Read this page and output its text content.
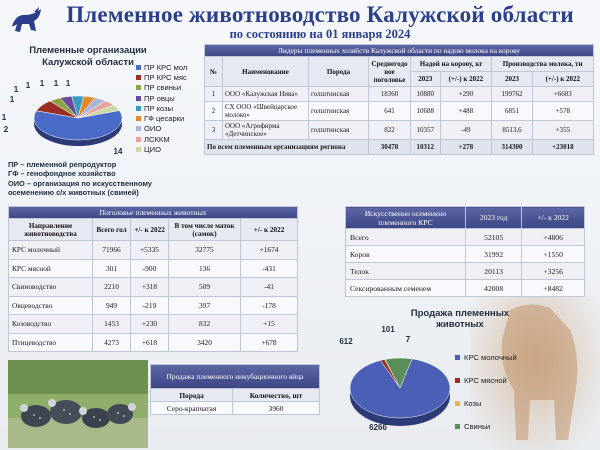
Племенное животноводство Калужской области
по состоянию на 01 января 2024
Племенные организации Калужской области
14
2
1
1
1 1 1 1 1
ПР КРС мол
ПР КРС мяс
ПР свиньи
ПР овцы
ПР козы
ГФ цесарки
ОИО
ЛСККМ
ЦИО
ПР – племенной репродуктор
ГФ – генофондное хозяйство
ОИО – организация по искусственному
осеменению с/х животных (свиней)
Лидеры племенных хозяйств Калужской области по надою молока на корову							
№	Наименование	Порода	Среднегодо вое поголовье	Надой на корову, кг		Производства молока, тн	
				2023	(+/-) к 2022	2023	(+/-) к 2022
1	ООО «Калужская Нива»	голштинская	18360	10880	+290	199762	+6603
2	СХ ООО «Швейцарское молоко»	голштинская	641	10688	+488	6851	+578
3	ООО «Агрофирма «Детчинское»	голштинская	822	10357	-49	8513,6	+355
По всем племенным организациям региона			30478	10312	+278	314300	+23018
Поголовье племенных животных				
Направление животноводства	Всего гол	+/- к 2022	В том числе маток (самок)	+/- к 2022
КРС молочный	71966	+5335	32775	+1674
КРС мясной	301	-900	136	-431
Свиноводство	2210	+318	509	-41
Овцеводство	949	-219	397	-178
Козоводство	1453	+230	832	+15
Птицеводство	4273	+618	3420	+678
Искусственно осеменено племенного КРС	2023 год	+/- к 2022
Всего	52105	+4806
Коров	31992	+1550
Телок	20113	+3256
Сексированным семенем	42008	+8482
Продажа племенного инкубационного яйца	
Порода	Количество, шт
Серо-крапчатая	3960
Продажа племенных животных
6266
101
7
612
КРС молочный
КРС мясной
Козы
Свиньи
